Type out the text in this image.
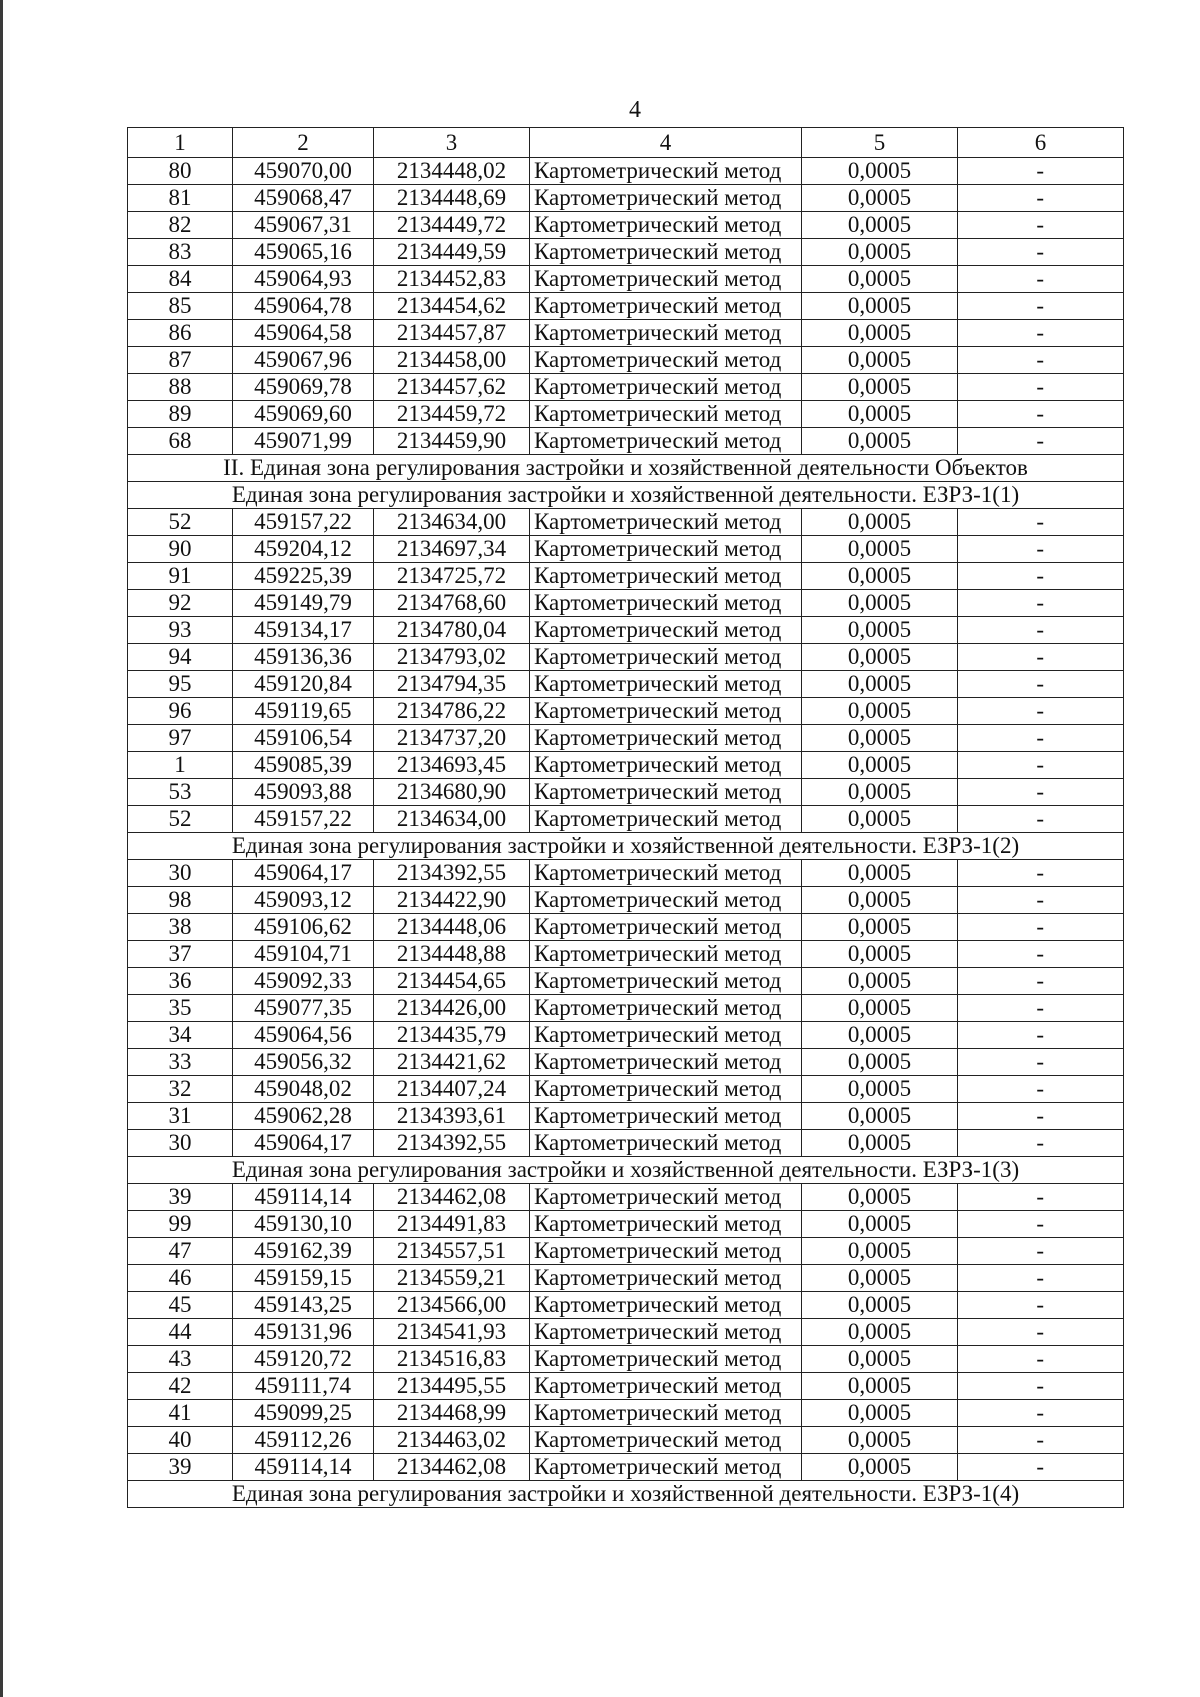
4
1	2	3	4	5	6
80	459070,00	2134448,02	Картометрический метод	0,0005	-
81	459068,47	2134448,69	Картометрический метод	0,0005	-
82	459067,31	2134449,72	Картометрический метод	0,0005	-
83	459065,16	2134449,59	Картометрический метод	0,0005	-
84	459064,93	2134452,83	Картометрический метод	0,0005	-
85	459064,78	2134454,62	Картометрический метод	0,0005	-
86	459064,58	2134457,87	Картометрический метод	0,0005	-
87	459067,96	2134458,00	Картометрический метод	0,0005	-
88	459069,78	2134457,62	Картометрический метод	0,0005	-
89	459069,60	2134459,72	Картометрический метод	0,0005	-
68	459071,99	2134459,90	Картометрический метод	0,0005	-
II. Единая зона регулирования застройки и хозяйственной деятельности Объектов					
Единая зона регулирования застройки и хозяйственной деятельности. ЕЗРЗ-1(1)					
52	459157,22	2134634,00	Картометрический метод	0,0005	-
90	459204,12	2134697,34	Картометрический метод	0,0005	-
91	459225,39	2134725,72	Картометрический метод	0,0005	-
92	459149,79	2134768,60	Картометрический метод	0,0005	-
93	459134,17	2134780,04	Картометрический метод	0,0005	-
94	459136,36	2134793,02	Картометрический метод	0,0005	-
95	459120,84	2134794,35	Картометрический метод	0,0005	-
96	459119,65	2134786,22	Картометрический метод	0,0005	-
97	459106,54	2134737,20	Картометрический метод	0,0005	-
1	459085,39	2134693,45	Картометрический метод	0,0005	-
53	459093,88	2134680,90	Картометрический метод	0,0005	-
52	459157,22	2134634,00	Картометрический метод	0,0005	-
Единая зона регулирования застройки и хозяйственной деятельности. ЕЗРЗ-1(2)					
30	459064,17	2134392,55	Картометрический метод	0,0005	-
98	459093,12	2134422,90	Картометрический метод	0,0005	-
38	459106,62	2134448,06	Картометрический метод	0,0005	-
37	459104,71	2134448,88	Картометрический метод	0,0005	-
36	459092,33	2134454,65	Картометрический метод	0,0005	-
35	459077,35	2134426,00	Картометрический метод	0,0005	-
34	459064,56	2134435,79	Картометрический метод	0,0005	-
33	459056,32	2134421,62	Картометрический метод	0,0005	-
32	459048,02	2134407,24	Картометрический метод	0,0005	-
31	459062,28	2134393,61	Картометрический метод	0,0005	-
30	459064,17	2134392,55	Картометрический метод	0,0005	-
Единая зона регулирования застройки и хозяйственной деятельности. ЕЗРЗ-1(3)					
39	459114,14	2134462,08	Картометрический метод	0,0005	-
99	459130,10	2134491,83	Картометрический метод	0,0005	-
47	459162,39	2134557,51	Картометрический метод	0,0005	-
46	459159,15	2134559,21	Картометрический метод	0,0005	-
45	459143,25	2134566,00	Картометрический метод	0,0005	-
44	459131,96	2134541,93	Картометрический метод	0,0005	-
43	459120,72	2134516,83	Картометрический метод	0,0005	-
42	459111,74	2134495,55	Картометрический метод	0,0005	-
41	459099,25	2134468,99	Картометрический метод	0,0005	-
40	459112,26	2134463,02	Картометрический метод	0,0005	-
39	459114,14	2134462,08	Картометрический метод	0,0005	-
Единая зона регулирования застройки и хозяйственной деятельности. ЕЗРЗ-1(4)					
